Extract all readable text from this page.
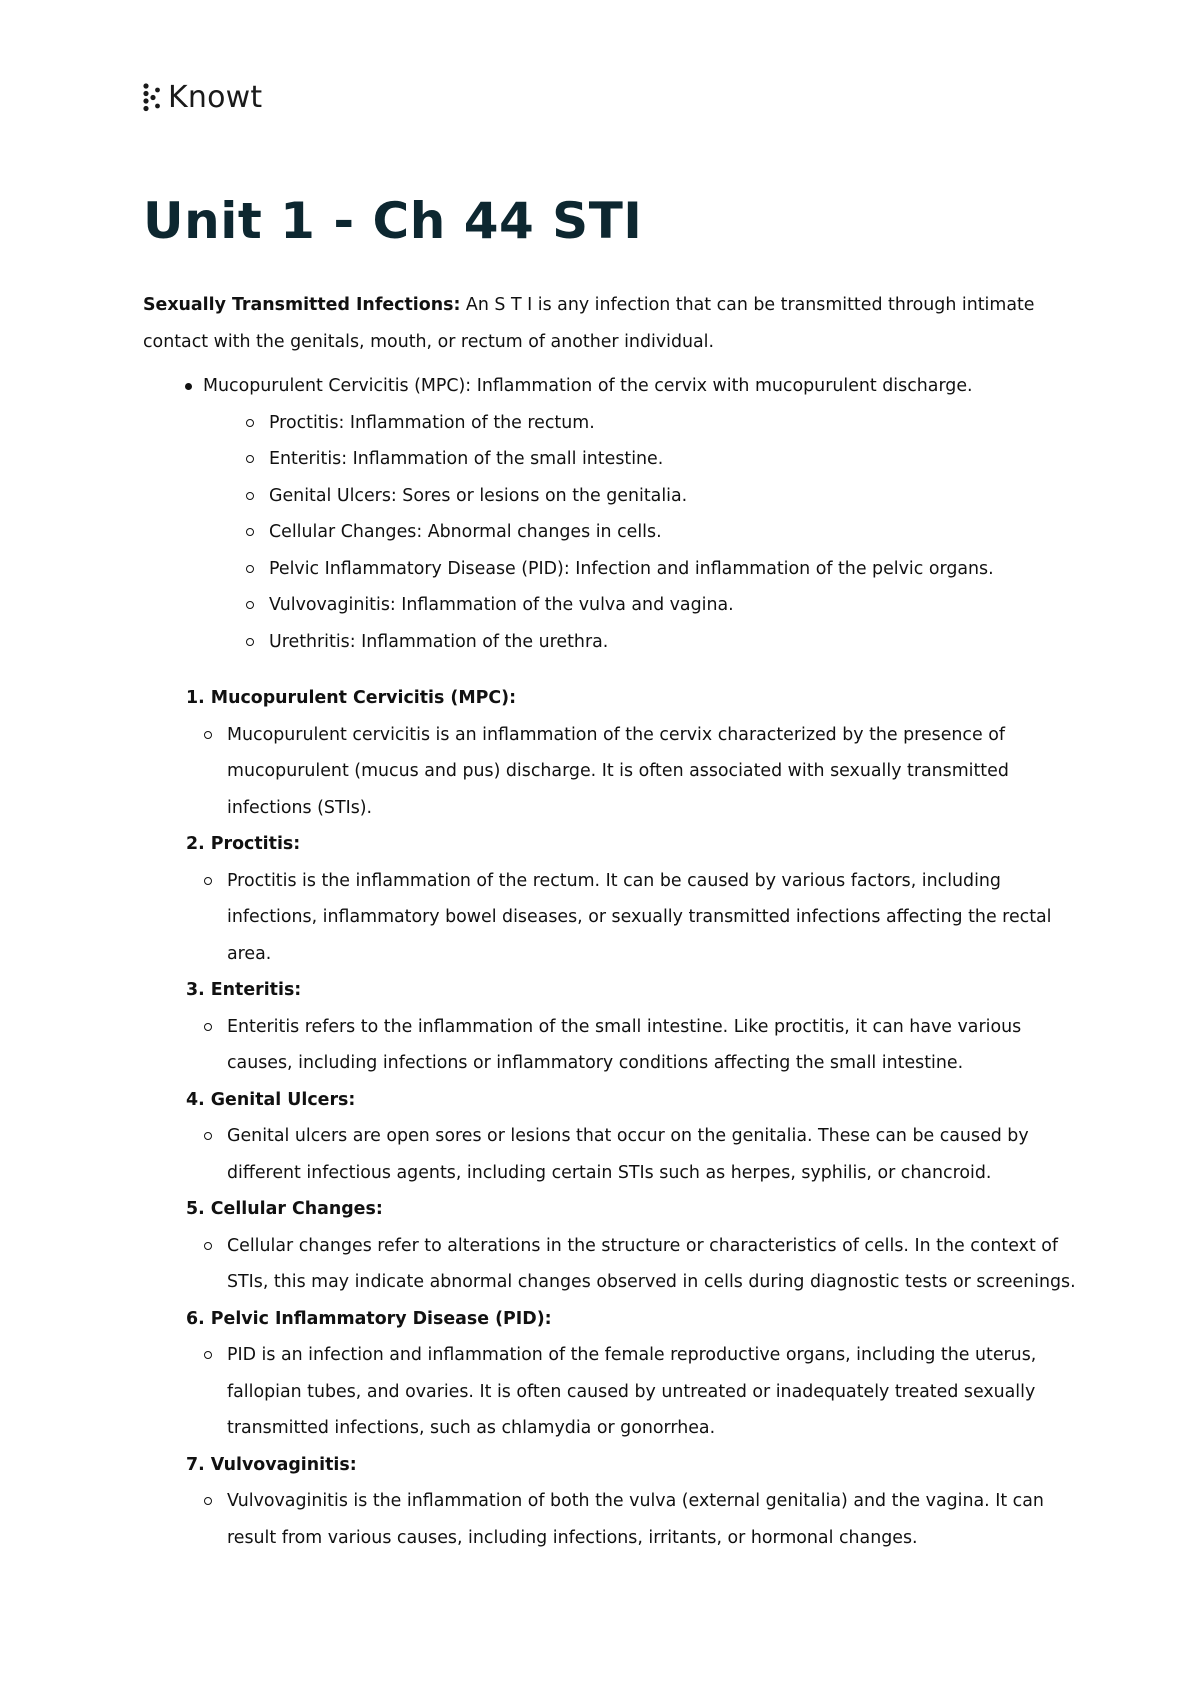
Knowt
Unit 1 - Ch 44 STI

Sexually Transmitted Infections: An S T I is any infection that can be transmitted through intimate contact with the genitals, mouth, or rectum of another individual.

Mucopurulent Cervicitis (MPC): Inflammation of the cervix with mucopurulent discharge.
Proctitis: Inflammation of the rectum.
Enteritis: Inflammation of the small intestine.
Genital Ulcers: Sores or lesions on the genitalia.
Cellular Changes: Abnormal changes in cells.
Pelvic Inflammatory Disease (PID): Infection and inflammation of the pelvic organs.
Vulvovaginitis: Inflammation of the vulva and vagina.
Urethritis: Inflammation of the urethra.
1. Mucopurulent Cervicitis (MPC):
Mucopurulent cervicitis is an inflammation of the cervix characterized by the presence of mucopurulent (mucus and pus) discharge. It is often associated with sexually transmitted infections (STIs).
2. Proctitis:
Proctitis is the inflammation of the rectum. It can be caused by various factors, including infections, inflammatory bowel diseases, or sexually transmitted infections affecting the rectal area.
3. Enteritis:
Enteritis refers to the inflammation of the small intestine. Like proctitis, it can have various causes, including infections or inflammatory conditions affecting the small intestine.
4. Genital Ulcers:
Genital ulcers are open sores or lesions that occur on the genitalia. These can be caused by different infectious agents, including certain STIs such as herpes, syphilis, or chancroid.
5. Cellular Changes:
Cellular changes refer to alterations in the structure or characteristics of cells. In the context of STIs, this may indicate abnormal changes observed in cells during diagnostic tests or screenings.
6. Pelvic Inflammatory Disease (PID):
PID is an infection and inflammation of the female reproductive organs, including the uterus, fallopian tubes, and ovaries. It is often caused by untreated or inadequately treated sexually transmitted infections, such as chlamydia or gonorrhea.
7. Vulvovaginitis:
Vulvovaginitis is the inflammation of both the vulva (external genitalia) and the vagina. It can result from various causes, including infections, irritants, or hormonal changes.
